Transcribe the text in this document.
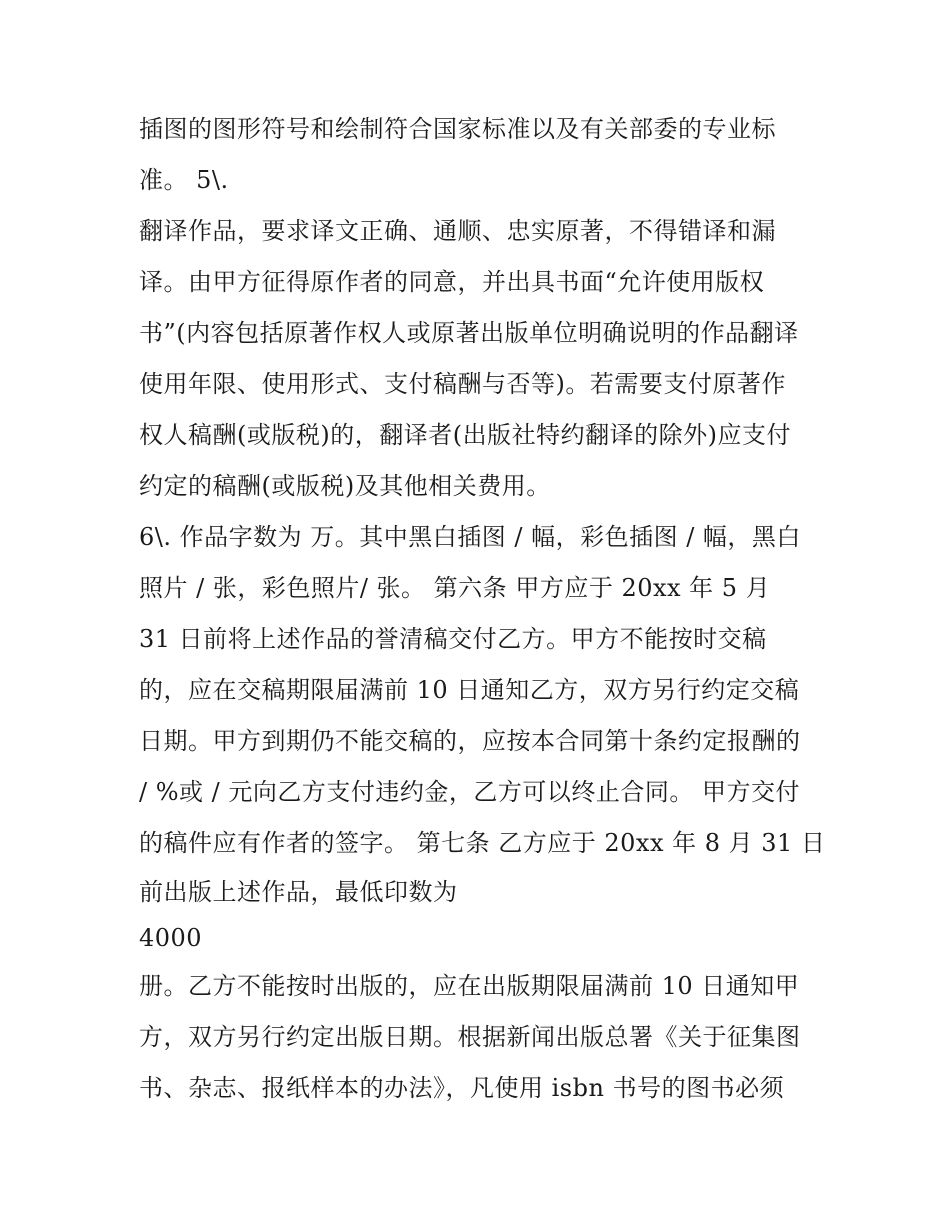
插图的图形符号和绘制符合国家标准以及有关部委的专业标
准。 5\.
翻译作品，要求译文正确、通顺、忠实原著，不得错译和漏
译。由甲方征得原作者的同意，并出具书面“允许使用版权
书”(内容包括原著作权人或原著出版单位明确说明的作品翻译
使用年限、使用形式、支付稿酬与否等)。若需要支付原著作
权人稿酬(或版税)的，翻译者(出版社特约翻译的除外)应支付
约定的稿酬(或版税)及其他相关费用。
6\. 作品字数为 万。其中黑白插图 / 幅，彩色插图 / 幅，黑白
照片 / 张，彩色照片/ 张。 第六条 甲方应于 20xx 年 5 月
31 日前将上述作品的誉清稿交付乙方。甲方不能按时交稿
的，应在交稿期限届满前 10 日通知乙方，双方另行约定交稿
日期。甲方到期仍不能交稿的，应按本合同第十条约定报酬的
/ %或 / 元向乙方支付违约金，乙方可以终止合同。 甲方交付
的稿件应有作者的签字。 第七条 乙方应于 20xx 年 8 月 31 日
前出版上述作品，最低印数为
4000
册。乙方不能按时出版的，应在出版期限届满前 10 日通知甲
方，双方另行约定出版日期。根据新闻出版总署《关于征集图
书、杂志、报纸样本的办法》，凡使用 isbn 书号的图书必须
